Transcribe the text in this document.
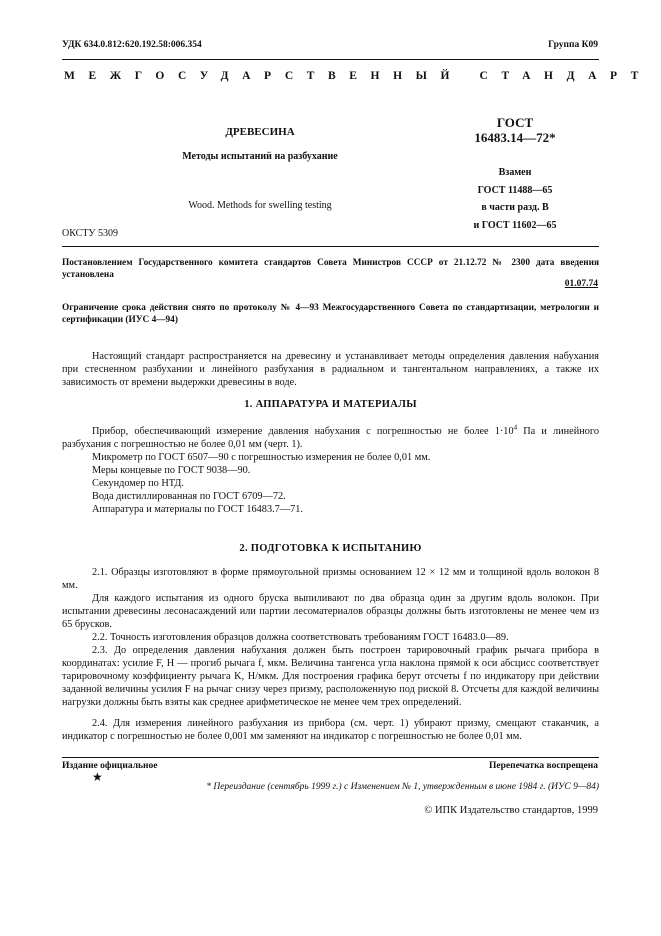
УДК 634.0.812:620.192.58:006.354	Группа К09
МЕЖГОСУДАРСТВЕННЫЙ СТАНДАРТ
ДРЕВЕСИНА
Методы испытаний на разбухание
Wood. Methods for swelling testing
ОКСТУ 5309
ГОСТ
16483.14—72*
Взамен
ГОСТ 11488—65
в части разд. В
и ГОСТ 11602—65
Постановлением Государственного комитета стандартов Совета Министров СССР от 21.12.72 № 2300 дата введения установлена
01.07.74
Ограничение срока действия снято по протоколу № 4—93 Межгосударственного Совета по стандартизации, метрологии и сертификации (ИУС 4—94)

Настоящий стандарт распространяется на древесину и устанавливает методы определения давления набухания при стесненном разбухании и линейного разбухания в радиальном и тангентальном направлениях, а также их зависимость от времени выдержки древесины в воде.

1. АППАРАТУРА И МАТЕРИАЛЫ

Прибор, обеспечивающий измерение давления набухания с погрешностью не более $1\cdot 10^4$ Па и линейного разбухания с погрешностью не более 0,01 мм (черт. 1).

Микрометр по ГОСТ 6507—90 с погрешностью измерения не более 0,01 мм.
Меры концевые по ГОСТ 9038—90.
Секундомер по НТД.
Вода дистиллированная по ГОСТ 6709—72.
Аппаратура и материалы по ГОСТ 16483.7—71.
2. ПОДГОТОВКА К ИСПЫТАНИЮ

2.1. Образцы изготовляют в форме прямоугольной призмы основанием 12 × 12 мм и толщиной вдоль волокон 8 мм.

Для каждого испытания из одного бруска выпиливают по два образца один за другим вдоль волокон. При испытании древесины лесонасаждений или партии лесоматериалов образцы должны быть изготовлены не менее чем из 65 брусков.

2.2. Точность изготовления образцов должна соответствовать требованиям ГОСТ 16483.0—89.

2.3. До определения давления набухания должен быть построен тарировочный график рычага прибора в координатах: усилие F, Н — прогиб рычага f, мкм. Величина тангенса угла наклона прямой к оси абсцисс соответствует тарировочному коэффициенту рычага K, Н/мкм. Для построения графика берут отсчеты f по индикатору при действии заданной величины усилия F на рычаг снизу через призму, расположенную под риской 8. Отсчеты для каждой величины нагрузки должны быть взяты как среднее арифметическое не менее чем трех определений.

2.4. Для измерения линейного разбухания из прибора (см. черт. 1) убирают призму, смещают стаканчик, а индикатор с погрешностью не более 0,001 мм заменяют на индикатор с погрешностью не более 0,01 мм.

Издание официальное	Перепечатка воспрещена
★
* Переиздание (сентябрь 1999 г.) с Изменением № 1, утвержденным в июне 1984 г. (ИУС 9—84)
© ИПК Издательство стандартов, 1999
